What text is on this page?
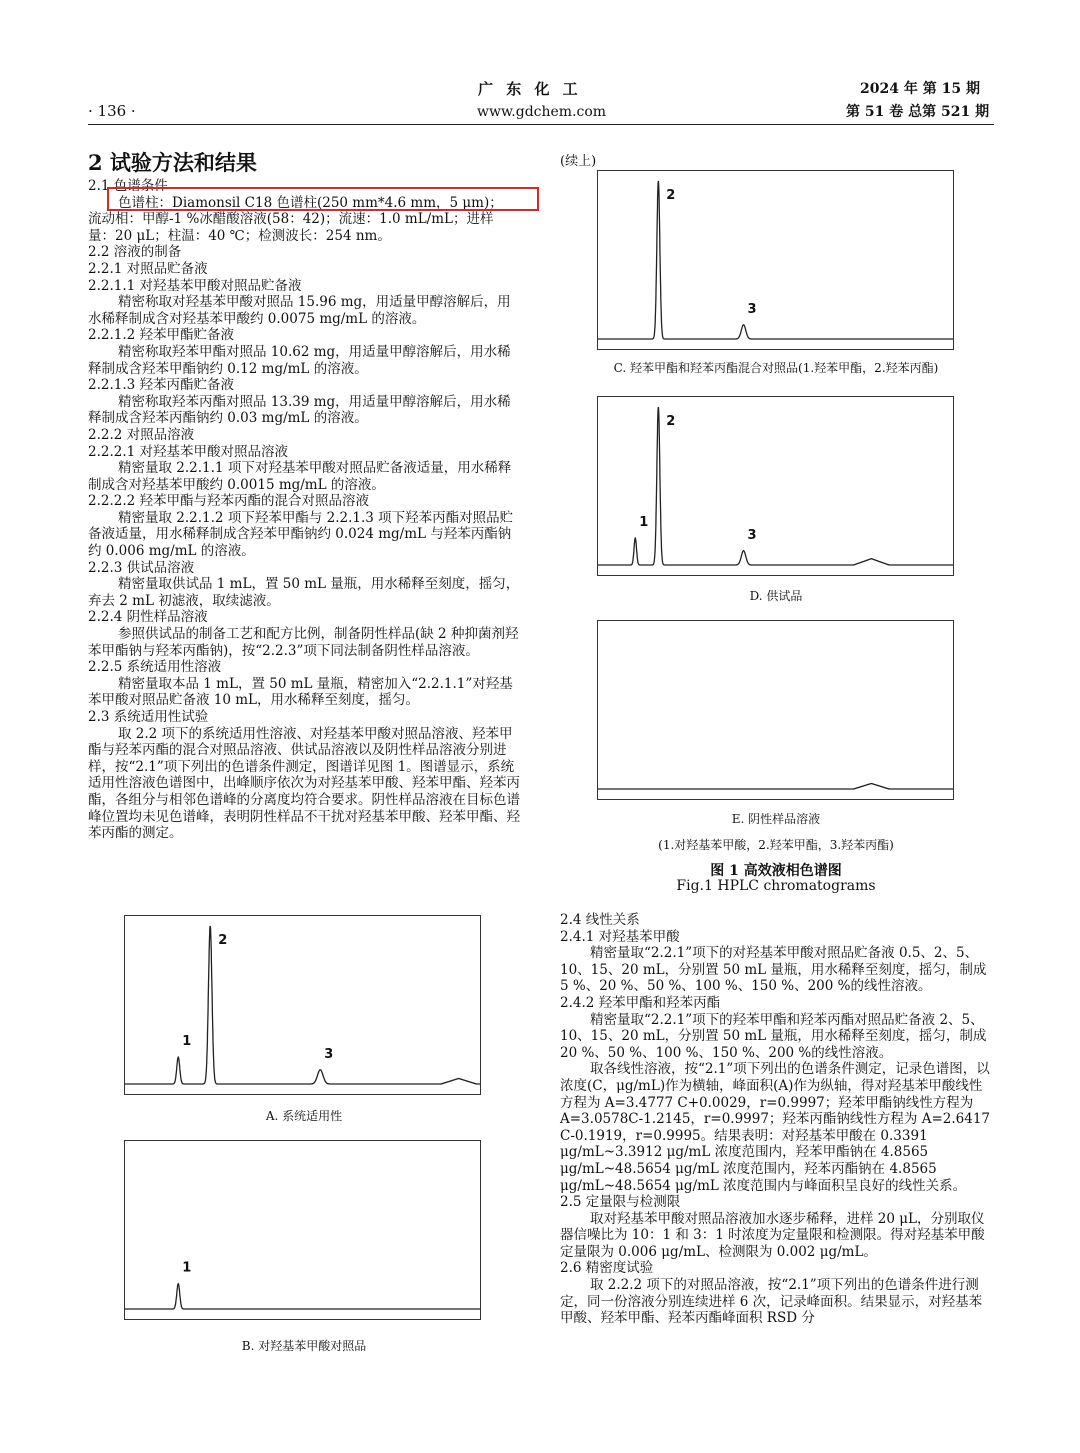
· 136 ·
广 东 化 工
www.gdchem.com
2024 年 第 15 期
第 51 卷 总第 521 期

2 试验方法和结果

2.1 色谱条件

色谱柱：Diamonsil C18 色谱柱(250 mm*4.6 mm，5 μm)；

流动相：甲醇-1 %冰醋酸溶液(58：42)；流速：1.0 mL/mL；进样量：20 μL；柱温：40 ℃；检测波长：254 nm。

2.2 溶液的制备

2.2.1 对照品贮备液

2.2.1.1 对羟基苯甲酸对照品贮备液

精密称取对羟基苯甲酸对照品 15.96 mg，用适量甲醇溶解后，用水稀释制成含对羟基苯甲酸约 0.0075 mg/mL 的溶液。

2.2.1.2 羟苯甲酯贮备液

精密称取羟苯甲酯对照品 10.62 mg，用适量甲醇溶解后，用水稀释制成含羟苯甲酯钠约 0.12 mg/mL 的溶液。

2.2.1.3 羟苯丙酯贮备液

精密称取羟苯丙酯对照品 13.39 mg，用适量甲醇溶解后，用水稀释制成含羟苯丙酯钠约 0.03 mg/mL 的溶液。

2.2.2 对照品溶液

2.2.2.1 对羟基苯甲酸对照品溶液

精密量取 2.2.1.1 项下对羟基苯甲酸对照品贮备液适量，用水稀释制成含对羟基苯甲酸约 0.0015 mg/mL 的溶液。

2.2.2.2 羟苯甲酯与羟苯丙酯的混合对照品溶液

精密量取 2.2.1.2 项下羟苯甲酯与 2.2.1.3 项下羟苯丙酯对照品贮备液适量，用水稀释制成含羟苯甲酯钠约 0.024 mg/mL 与羟苯丙酯钠约 0.006 mg/mL 的溶液。

2.2.3 供试品溶液

精密量取供试品 1 mL，置 50 mL 量瓶，用水稀释至刻度，摇匀，弃去 2 mL 初滤液，取续滤液。

2.2.4 阴性样品溶液

参照供试品的制备工艺和配方比例，制备阴性样品(缺 2 种抑菌剂羟苯甲酯钠与羟苯丙酯钠)，按“2.2.3”项下同法制备阴性样品溶液。

2.2.5 系统适用性溶液

精密量取本品 1 mL，置 50 mL 量瓶，精密加入“2.2.1.1”对羟基苯甲酸对照品贮备液 10 mL，用水稀释至刻度，摇匀。

2.3 系统适用性试验

取 2.2 项下的系统适用性溶液、对羟基苯甲酸对照品溶液、羟苯甲酯与羟苯丙酯的混合对照品溶液、供试品溶液以及阴性样品溶液分别进样，按“2.1”项下列出的色谱条件测定，图谱详见图 1。图谱显示，系统适用性溶液色谱图中，出峰顺序依次为对羟基苯甲酸、羟苯甲酯、羟苯丙酯，各组分与相邻色谱峰的分离度均符合要求。阴性样品溶液在目标色谱峰位置均未见色谱峰，表明阴性样品不干扰对羟基苯甲酸、羟苯甲酯、羟苯丙酯的测定。

(续上)

2.4 线性关系

2.4.1 对羟基苯甲酸

精密量取“2.2.1”项下的对羟基苯甲酸对照品贮备液 0.5、2、5、10、15、20 mL，分别置 50 mL 量瓶，用水稀释至刻度，摇匀，制成 5 %、20 %、50 %、100 %、150 %、200 %的线性溶液。

2.4.2 羟苯甲酯和羟苯丙酯

精密量取“2.2.1”项下的羟苯甲酯和羟苯丙酯对照品贮备液 2、5、10、15、20 mL，分别置 50 mL 量瓶，用水稀释至刻度，摇匀，制成 20 %、50 %、100 %、150 %、200 %的线性溶液。

取各线性溶液，按“2.1”项下列出的色谱条件测定，记录色谱图，以浓度(C，μg/mL)作为横轴，峰面积(A)作为纵轴，得对羟基苯甲酸线性方程为 A=3.4777 C+0.0029，r=0.9997；羟苯甲酯钠线性方程为 A=3.0578C-1.2145，r=0.9997；羟苯丙酯钠线性方程为 A=2.6417 C-0.1919，r=0.9995。结果表明：对羟基苯甲酸在 0.3391 μg/mL~3.3912 μg/mL 浓度范围内，羟苯甲酯钠在 4.8565 μg/mL~48.5654 μg/mL 浓度范围内，羟苯丙酯钠在 4.8565 μg/mL~48.5654 μg/mL 浓度范围内与峰面积呈良好的线性关系。

2.5 定量限与检测限

取对羟基苯甲酸对照品溶液加水逐步稀释，进样 20 μL，分别取仪器信噪比为 10：1 和 3：1 时浓度为定量限和检测限。得对羟基苯甲酸定量限为 0.006 μg/mL、检测限为 0.002 μg/mL。

2.6 精密度试验

取 2.2.2 项下的对照品溶液，按“2.1”项下列出的色谱条件进行测定，同一份溶液分别连续进样 6 次，记录峰面积。结果显示，对羟基苯甲酸、羟苯甲酯、羟苯丙酯峰面积 RSD 分

2
3
C. 羟苯甲酯和羟苯丙酯混合对照品(1.羟苯甲酯，2.羟苯丙酯)
1
2
3
D. 供试品
E. 阴性样品溶液
(1.对羟基苯甲酸，2.羟苯甲酯，3.羟苯丙酯)
图 1 高效液相色谱图
Fig.1 HPLC chromatograms
1
2
3
A. 系统适用性
1
B. 对羟基苯甲酸对照品
